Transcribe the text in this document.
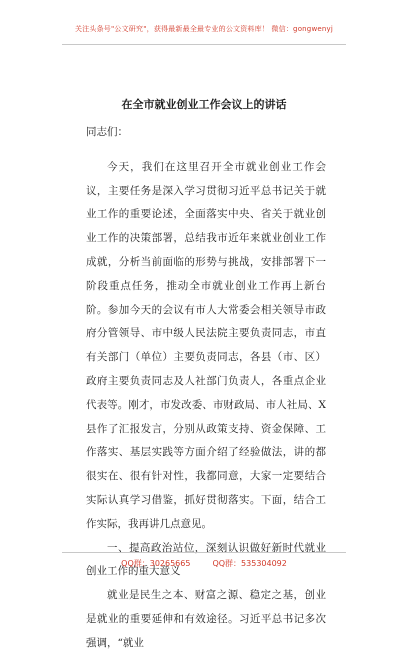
关注头条号"公文研究"，获得最新最全最专业的公文资料库！ 微信：gongwenyj
在全市就业创业工作会议上的讲话

同志们：

今天，我们在这里召开全市就业创业工作会议，主要任务是深入学习贯彻习近平总书记关于就业工作的重要论述，全面落实中央、省关于就业创业工作的决策部署，总结我市近年来就业创业工作成就，分析当前面临的形势与挑战，安排部署下一阶段重点任务，推动全市就业创业工作再上新台阶。参加今天的会议有市人大常委会相关领导市政府分管领导、市中级人民法院主要负责同志，市直有关部门（单位）主要负责同志，各县（市、区）政府主要负责同志及人社部门负责人，各重点企业代表等。刚才，市发改委、市财政局、市人社局、X县作了汇报发言，分别从政策支持、资金保障、工作落实、基层实践等方面介绍了经验做法，讲的都很实在、很有针对性，我都同意，大家一定要结合实际认真学习借鉴，抓好贯彻落实。下面，结合工作实际，我再讲几点意见。

一、提高政治站位，深刻认识做好新时代就业创业工作的重大意义

就业是民生之本、财富之源、稳定之基，创业是就业的重要延伸和有效途径。习近平总书记多次强调，“就业

QQ群：30265665	QQ群：535304092
